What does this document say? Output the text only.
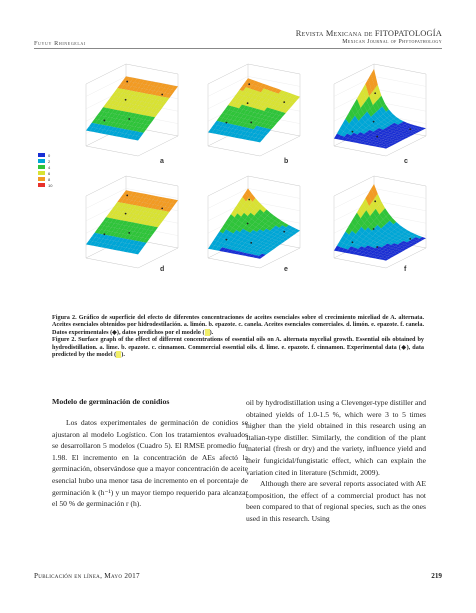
Fuyuy Rhinegelai
Revista Mexicana de FITOPATOLOGÍA
Mexican Journal of Phytopathology
0
2
4
6
8
10
a	b	c
d	e	f

Figura 2. Gráfico de superficie del efecto de diferentes concentraciones de aceites esenciales sobre el crecimiento miceliad de A. alternata. Aceites esenciales obtenidos por hidrodestilación. a. limón. b. epazote. c. canela. Aceites esenciales comerciales. d. limón. e. epazote. f. canela. Datos experimentales (◆), datos predichos por el modelo ( ).

Figure 2. Surface graph of the effect of different concentrations of essential oils on A. alternata mycelial growth. Essential oils obtained by hydrodistillation. a. lime. b. epazote. c. cinnamon. Commercial essential oils. d. lime. e. epazote. f. cinnamon. Experimental data (◆), data predicted by the model ( ).

Modelo de germinación de conidios

Los datos experimentales de germinación de conidios se ajustaron al modelo Logístico. Con los tratamientos evaluados se desarrollaron 5 modelos (Cuadro 5). El RMSE promedio fue 1.98. El incremento en la concentración de AEs afectó la germinación, observándose que a mayor concentración de aceite esencial hubo una menor tasa de incremento en el porcentaje de germinación k (h⁻¹) y un mayor tiempo requerido para alcanzar el 50 % de germinación r (h).

oil by hydrodistillation using a Clevenger-type distiller and obtained yields of 1.0-1.5 %, which were 3 to 5 times higher than the yield obtained in this research using an Italian-type distiller. Similarly, the condition of the plant material (fresh or dry) and the variety, influence yield and their fungicidal/fungistatic effect, which can explain the variation cited in literature (Schmidt, 2009).

Although there are several reports associated with AE composition, the effect of a commercial product has not been compared to that of regional species, such as the ones used in this research. Using

Publicación en línea, Mayo 2017	219
